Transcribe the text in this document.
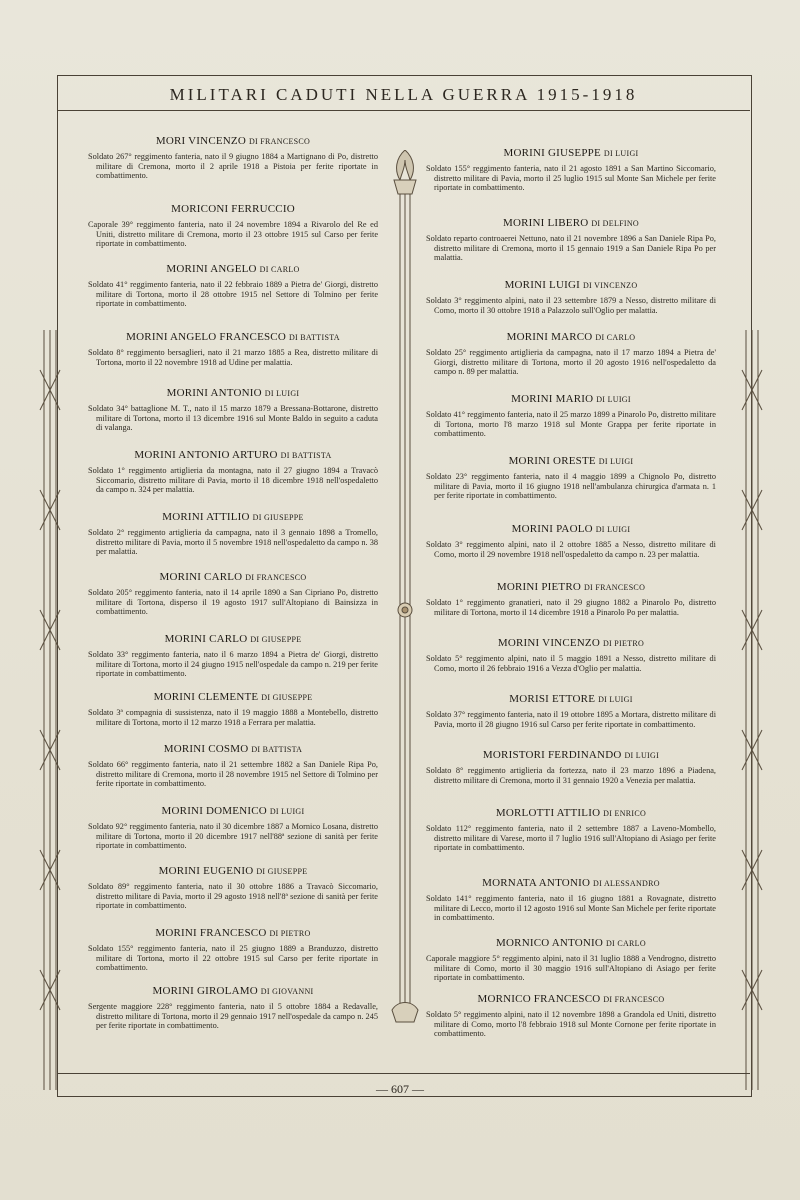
MILITARI CADUTI NELLA GUERRA 1915-1918
MORI VINCENZO DI FRANCESCO

Soldato 267° reggimento fanteria, nato il 9 giugno 1884 a Martignano di Po, distretto militare di Cremona, morto il 2 aprile 1918 a Pistoia per ferite riportate in combattimento.

MORICONI FERRUCCIO

Caporale 39° reggimento fanteria, nato il 24 novembre 1894 a Rivarolo del Re ed Uniti, distretto militare di Cremona, morto il 23 ottobre 1915 sul Carso per ferite riportate in combattimento.

MORINI ANGELO DI CARLO

Soldato 41° reggimento fanteria, nato il 22 febbraio 1889 a Pietra de' Giorgi, distretto militare di Tortona, morto il 28 ottobre 1915 nel Settore di Tolmino per ferite riportate in combattimento.

MORINI ANGELO FRANCESCO DI BATTISTA

Soldato 8° reggimento bersaglieri, nato il 21 marzo 1885 a Rea, distretto militare di Tortona, morto il 22 novembre 1918 ad Udine per malattia.

MORINI ANTONIO DI LUIGI

Soldato 34° battaglione M. T., nato il 15 marzo 1879 a Bressana-Bottarone, distretto militare di Tortona, morto il 13 dicembre 1916 sul Monte Baldo in seguito a caduta di valanga.

MORINI ANTONIO ARTURO DI BATTISTA

Soldato 1° reggimento artiglieria da montagna, nato il 27 giugno 1894 a Travacò Siccomario, distretto militare di Pavia, morto il 18 dicembre 1918 nell'ospedaletto da campo n. 324 per malattia.

MORINI ATTILIO DI GIUSEPPE

Soldato 2° reggimento artiglieria da campagna, nato il 3 gennaio 1898 a Tromello, distretto militare di Pavia, morto il 5 novembre 1918 nell'ospedaletto da campo n. 38 per malattia.

MORINI CARLO DI FRANCESCO

Soldato 205° reggimento fanteria, nato il 14 aprile 1890 a San Cipriano Po, distretto militare di Tortona, disperso il 19 agosto 1917 sull'Altopiano di Bainsizza in combattimento.

MORINI CARLO DI GIUSEPPE

Soldato 33° reggimento fanteria, nato il 6 marzo 1894 a Pietra de' Giorgi, distretto militare di Tortona, morto il 24 giugno 1915 nell'ospedale da campo n. 219 per ferite riportate in combattimento.

MORINI CLEMENTE DI GIUSEPPE

Soldato 3ª compagnia di sussistenza, nato il 19 maggio 1888 a Montebello, distretto militare di Tortona, morto il 12 marzo 1918 a Ferrara per malattia.

MORINI COSMO DI BATTISTA

Soldato 66° reggimento fanteria, nato il 21 settembre 1882 a San Daniele Ripa Po, distretto militare di Cremona, morto il 28 novembre 1915 nel Settore di Tolmino per ferite riportate in combattimento.

MORINI DOMENICO DI LUIGI

Soldato 92° reggimento fanteria, nato il 30 dicembre 1887 a Mornico Losana, distretto militare di Tortona, morto il 20 dicembre 1917 nell'88ª sezione di sanità per ferite riportate in combattimento.

MORINI EUGENIO DI GIUSEPPE

Soldato 89° reggimento fanteria, nato il 30 ottobre 1886 a Travacò Siccomario, distretto militare di Pavia, morto il 29 agosto 1918 nell'8ª sezione di sanità per ferite riportate in combattimento.

MORINI FRANCESCO DI PIETRO

Soldato 155° reggimento fanteria, nato il 25 giugno 1889 a Branduzzo, distretto militare di Tortona, morto il 22 ottobre 1915 sul Carso per ferite riportate in combattimento.

MORINI GIROLAMO DI GIOVANNI

Sergente maggiore 228° reggimento fanteria, nato il 5 ottobre 1884 a Redavalle, distretto militare di Tortona, morto il 29 gennaio 1917 nell'ospedale da campo n. 245 per ferite riportate in combattimento.

MORINI GIUSEPPE DI LUIGI

Soldato 155° reggimento fanteria, nato il 21 agosto 1891 a San Martino Siccomario, distretto militare di Pavia, morto il 25 luglio 1915 sul Monte San Michele per ferite riportate in combattimento.

MORINI LIBERO DI DELFINO

Soldato reparto controaerei Nettuno, nato il 21 novembre 1896 a San Daniele Ripa Po, distretto militare di Cremona, morto il 15 gennaio 1919 a San Daniele Ripa Po per malattia.

MORINI LUIGI DI VINCENZO

Soldato 3° reggimento alpini, nato il 23 settembre 1879 a Nesso, distretto militare di Como, morto il 30 ottobre 1918 a Palazzolo sull'Oglio per malattia.

MORINI MARCO DI CARLO

Soldato 25° reggimento artiglieria da campagna, nato il 17 marzo 1894 a Pietra de' Giorgi, distretto militare di Tortona, morto il 20 agosto 1916 nell'ospedaletto da campo n. 89 per malattia.

MORINI MARIO DI LUIGI

Soldato 41° reggimento fanteria, nato il 25 marzo 1899 a Pinarolo Po, distretto militare di Tortona, morto l'8 marzo 1918 sul Monte Grappa per ferite riportate in combattimento.

MORINI ORESTE DI LUIGI

Soldato 23° reggimento fanteria, nato il 4 maggio 1899 a Chignolo Po, distretto militare di Pavia, morto il 16 giugno 1918 nell'ambulanza chirurgica d'armata n. 1 per ferite riportate in combattimento.

MORINI PAOLO DI LUIGI

Soldato 3° reggimento alpini, nato il 2 ottobre 1885 a Nesso, distretto militare di Como, morto il 29 novembre 1918 nell'ospedaletto da campo n. 23 per malattia.

MORINI PIETRO DI FRANCESCO

Soldato 1° reggimento granatieri, nato il 29 giugno 1882 a Pinarolo Po, distretto militare di Tortona, morto il 14 dicembre 1918 a Pinarolo Po per malattia.

MORINI VINCENZO DI PIETRO

Soldato 5° reggimento alpini, nato il 5 maggio 1891 a Nesso, distretto militare di Como, morto il 26 febbraio 1916 a Vezza d'Oglio per malattia.

MORISI ETTORE DI LUIGI

Soldato 37° reggimento fanteria, nato il 19 ottobre 1895 a Mortara, distretto militare di Pavia, morto il 28 giugno 1916 sul Carso per ferite riportate in combattimento.

MORISTORI FERDINANDO DI LUIGI

Soldato 8° reggimento artiglieria da fortezza, nato il 23 marzo 1896 a Piadena, distretto militare di Cremona, morto il 31 gennaio 1920 a Venezia per malattia.

MORLOTTI ATTILIO DI ENRICO

Soldato 112° reggimento fanteria, nato il 2 settembre 1887 a Laveno-Mombello, distretto militare di Varese, morto il 7 luglio 1916 sull'Altopiano di Asiago per ferite riportate in combattimento.

MORNATA ANTONIO DI ALESSANDRO

Soldato 141° reggimento fanteria, nato il 16 giugno 1881 a Rovagnate, distretto militare di Lecco, morto il 12 agosto 1916 sul Monte San Michele per ferite riportate in combattimento.

MORNICO ANTONIO DI CARLO

Caporale maggiore 5° reggimento alpini, nato il 31 luglio 1888 a Vendrogno, distretto militare di Como, morto il 30 maggio 1916 sull'Altopiano di Asiago per ferite riportate in combattimento.

MORNICO FRANCESCO DI FRANCESCO

Soldato 5° reggimento alpini, nato il 12 novembre 1898 a Grandola ed Uniti, distretto militare di Como, morto l'8 febbraio 1918 sul Monte Cornone per ferite riportate in combattimento.

— 607 —
